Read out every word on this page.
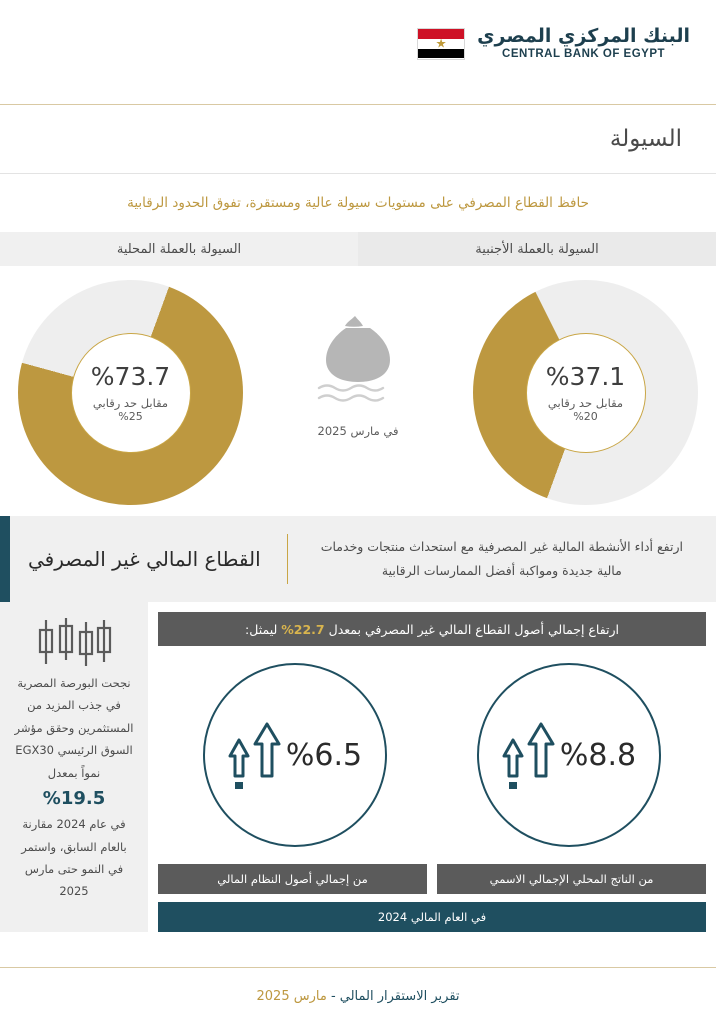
البنك المركزي المصري
CENTRAL BANK OF EGYPT
السيولة
حافظ القطاع المصرفي على مستويات سيولة عالية ومستقرة، تفوق الحدود الرقابية
السيولة بالعملة الأجنبية
السيولة بالعملة المحلية
%37.1
مقابل حد رقابي
%20
%73.7
مقابل حد رقابي
%25
في مارس 2025
ارتفع أداء الأنشطة المالية غير المصرفية مع استحداث منتجات وخدمات مالية جديدة ومواكبة أفضل الممارسات الرقابية
القطاع المالي غير المصرفي
ارتفاع إجمالي أصول القطاع المالي غير المصرفي بمعدل

%22.7

ليمثل:
%8.8
%6.5
من الناتج المحلي الإجمالي الاسمي
من إجمالي أصول النظام المالي
في العام المالي 2024
نجحت البورصة المصرية في جذب المزيد من المستثمرين وحقق مؤشر السوق الرئيسي EGX30 نمواً بمعدل
%19.5
في عام 2024 مقارنة بالعام السابق، واستمر في النمو حتى مارس 2025
تقرير الاستقرار المالي - مارس 2025
